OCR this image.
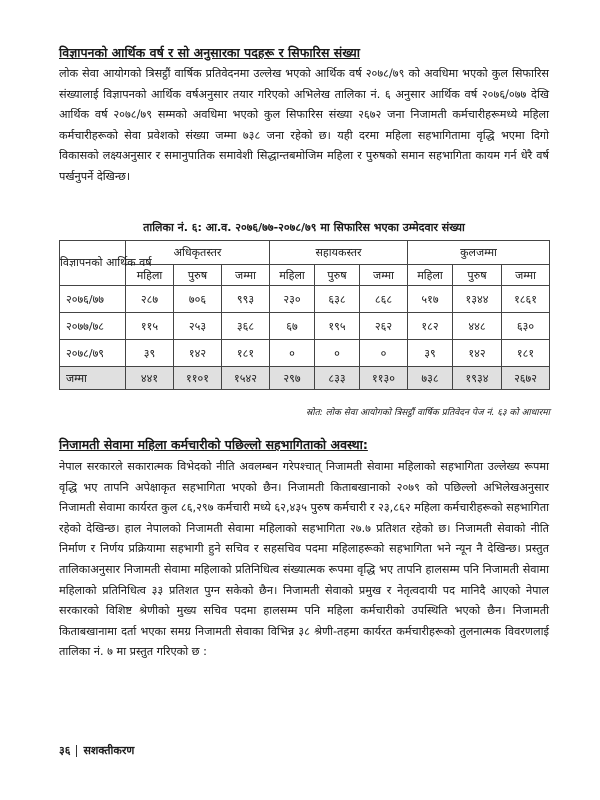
विज्ञापनको आर्थिक वर्ष र सो अनुसारका पदहरू र सिफारिस संख्या

लोक सेवा आयोगको त्रिसट्ठौं वार्षिक प्रतिवेदनमा उल्लेख भएको आर्थिक वर्ष २०७८/७९ को अवधिमा भएको कुल सिफारिस संख्यालाई विज्ञापनको आर्थिक वर्षअनुसार तयार गरिएको अभिलेख तालिका नं. ६ अनुसार आर्थिक वर्ष २०७६/०७७ देखि आर्थिक वर्ष २०७८/७९ सम्मको अवधिमा भएको कुल सिफारिस संख्या २६७२ जना निजामती कर्मचारीहरूमध्ये महिला कर्मचारीहरूको सेवा प्रवेशको संख्या जम्मा ७३८ जना रहेको छ। यही दरमा महिला सहभागितामा वृद्धि भएमा दिगो विकासको लक्ष्यअनुसार र समानुपातिक समावेशी सिद्धान्तबमोजिम महिला र पुरुषको समान सहभागिता कायम गर्न धेरै वर्ष पर्खनुपर्ने देखिन्छ।

तालिका नं. ६: आ.व. २०७६/७७-२०७८/७९ मा सिफारिस भएका उम्मेदवार संख्या
विज्ञापनको आर्थिक वर्ष	अधिकृतस्तर			सहायकस्तर			कुलजम्मा		
	महिला	पुरुष	जम्मा	महिला	पुरुष	जम्मा	महिला	पुरुष	जम्मा
२०७६/७७	२८७	७०६	९९३	२३०	६३८	८६८	५१७	१३४४	१८६१
२०७७/७८	११५	२५३	३६८	६७	१९५	२६२	१८२	४४८	६३०
२०७८/७९	३९	१४२	१८१	०	०	०	३९	१४२	१८१
जम्मा	४४१	११०१	१५४२	२९७	८३३	११३०	७३८	१९३४	२६७२
स्रोत: लोक सेवा आयोगको त्रिसट्ठौं वार्षिक प्रतिवेदन पेज नं. ६३ को आधारमा
निजामती सेवामा महिला कर्मचारीको पछिल्लो सहभागिताको अवस्था:

नेपाल सरकारले सकारात्मक विभेदको नीति अवलम्बन गरेपश्चात् निजामती सेवामा महिलाको सहभागिता उल्लेख्य रूपमा वृद्धि भए तापनि अपेक्षाकृत सहभागिता भएको छैन। निजामती किताबखानाको २०७९ को पछिल्लो अभिलेखअनुसार निजामती सेवामा कार्यरत कुल ८६,२९७ कर्मचारी मध्ये ६२,४३५ पुरुष कर्मचारी र २३,८६२ महिला कर्मचारीहरूको सहभागिता रहेको देखिन्छ। हाल नेपालको निजामती सेवामा महिलाको सहभागिता २७.७ प्रतिशत रहेको छ। निजामती सेवाको नीति निर्माण र निर्णय प्रक्रियामा सहभागी हुने सचिव र सहसचिव पदमा महिलाहरूको सहभागिता भने न्यून नै देखिन्छ। प्रस्तुत तालिकाअनुसार निजामती सेवामा महिलाको प्रतिनिधित्व संख्यात्मक रूपमा वृद्धि भए तापनि हालसम्म पनि निजामती सेवामा महिलाको प्रतिनिधित्व ३३ प्रतिशत पुग्न सकेको छैन। निजामती सेवाको प्रमुख र नेतृत्वदायी पद मानिदै आएको नेपाल सरकारको विशिष्ट श्रेणीको मुख्य सचिव पदमा हालसम्म पनि महिला कर्मचारीको उपस्थिति भएको छैन। निजामती किताबखानामा दर्ता भएका समग्र निजामती सेवाका विभिन्न ३८ श्रेणी-तहमा कार्यरत कर्मचारीहरूको तुलनात्मक विवरणलाई तालिका नं. ७ मा प्रस्तुत गरिएको छ :

३६ सशक्तीकरण
